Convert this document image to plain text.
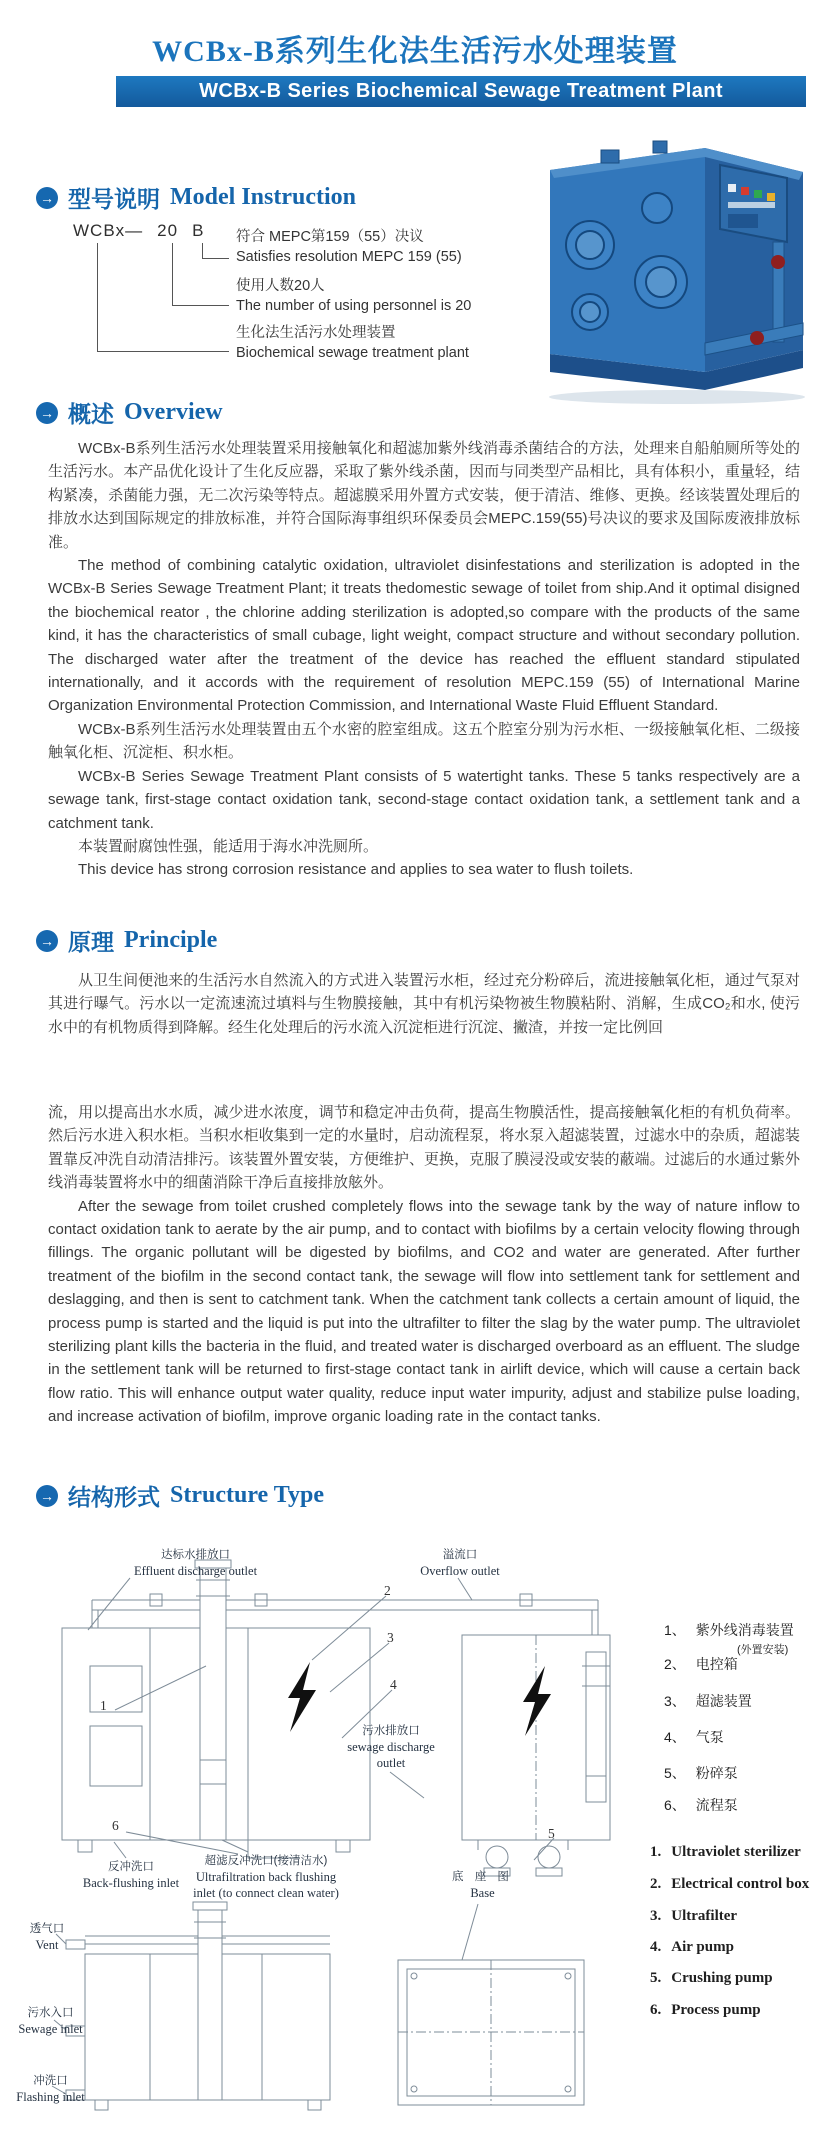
WCBx-B系列生化法生活污水处理装置
WCBx-B Series Biochemical Sewage Treatment Plant
→ 型号说明 Model Instruction
WCBx— 20 B 符合 MEPC第159（55）决议
Satisfies resolution MEPC 159 (55)
使用人数20人
The number of using personnel is 20
生化法生活污水处理装置
Biochemical sewage treatment plant
→ 概述 Overview

WCBx-B系列生活污水处理装置采用接触氧化和超滤加紫外线消毒杀菌结合的方法，处理来自船舶厕所等处的生活污水。本产品优化设计了生化反应器，采取了紫外线杀菌，因而与同类型产品相比，具有体积小，重量轻，结构紧凑，杀菌能力强，无二次污染等特点。超滤膜采用外置方式安装，便于清洁、维修、更换。经该装置处理后的排放水达到国际规定的排放标准，并符合国际海事组织环保委员会MEPC.159(55)号决议的要求及国际废液排放标准。

The method of combining catalytic oxidation, ultraviolet disinfestations and sterilization is adopted in the WCBx-B Series Sewage Treatment Plant; it treats thedomestic sewage of toilet from ship.And it optimal disigned the biochemical reator , the chlorine adding sterilization is adopted,so compare with the products of the same kind, it has the characteristics of small cubage, light weight, compact structure and without secondary pollution. The discharged water after the treatment of the device has reached the effluent standard stipulated internationally, and it accords with the requirement of resolution MEPC.159 (55) of International Marine Organization Environmental Protection Commission, and International Waste Fluid Effluent Standard.

WCBx-B系列生活污水处理装置由五个水密的腔室组成。这五个腔室分别为污水柜、一级接触氧化柜、二级接触氧化柜、沉淀柜、积水柜。

WCBx-B Series Sewage Treatment Plant consists of 5 watertight tanks. These 5 tanks respectively are a sewage tank, first-stage contact oxidation tank, second-stage contact oxidation tank, a settlement tank and a catchment tank.

本装置耐腐蚀性强，能适用于海水冲洗厕所。

This device has strong corrosion resistance and applies to sea water to flush toilets.

→ 原理 Principle

从卫生间便池来的生活污水自然流入的方式进入装置污水柜，经过充分粉碎后，流进接触氧化柜，通过气泵对其进行曝气。污水以一定流速流过填料与生物膜接触，其中有机污染物被生物膜粘附、消解，生成CO₂和水, 使污水中的有机物质得到降解。经生化处理后的污水流入沉淀柜进行沉淀、撇渣，并按一定比例回

流，用以提高出水水质，减少进水浓度，调节和稳定冲击负荷，提高生物膜活性，提高接触氧化柜的有机负荷率。然后污水进入积水柜。当积水柜收集到一定的水量时，启动流程泵，将水泵入超滤装置，过滤水中的杂质，超滤装置靠反冲洗自动清洁排污。该装置外置安装，方便维护、更换，克服了膜浸没或安装的蔽端。过滤后的水通过紫外线消毒装置将水中的细菌消除干净后直接排放舷外。

After the sewage from toilet crushed completely flows into the sewage tank by the way of nature inflow to contact oxidation tank to aerate by the air pump, and to contact with biofilms by a certain velocity flowing through fillings. The organic pollutant will be digested by biofilms, and CO2 and water are generated. After further treatment of the biofilm in the second contact tank, the sewage will flow into settlement tank for settlement and deslagging, and then is sent to catchment tank. When the catchment tank collects a certain amount of liquid, the process pump is started and the liquid is put into the ultrafilter to filter the slag by the water pump. The ultraviolet sterilizing plant kills the bacteria in the fluid, and treated water is discharged overboard as an effluent. The sludge in the settlement tank will be returned to first-stage contact tank in airlift device, which will cause a certain back flow ratio. This will enhance output water quality, reduce input water impurity, adjust and stabilize pulse loading, and increase activation of biofilm, improve organic loading rate in the contact tanks.

→ 结构形式 Structure Type
达标水排放口
Effluent discharge outlet
溢流口
Overflow outlet
污水排放口
sewage discharge outlet
反冲洗口
Back-flushing inlet
超滤反冲洗口(接清洁水)
Ultrafiltration back flushing inlet (to connect clean water)
底 座 图
Base
透气口
Vent
污水入口
Sewage inlet
冲洗口
Flashing inlet
1
2
3
4
5
6
1、 紫外线消毒装置
2、 电控箱
(外置安装)
3、 超滤装置
4、 气泵
5、 粉碎泵
6、 流程泵
1. Ultraviolet sterilizer
2. Electrical control box
3. Ultrafilter
4. Air pump
5. Crushing pump
6. Process pump
